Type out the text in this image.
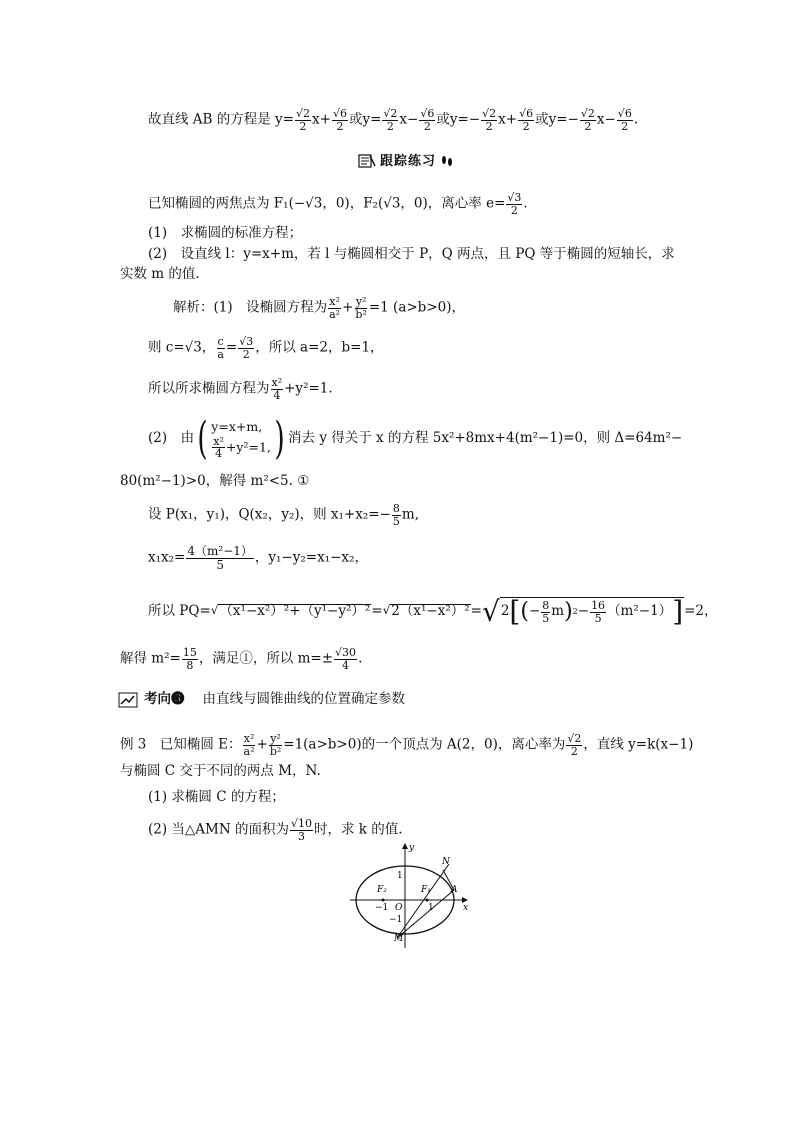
故直线 AB 的方程是 $y= \frac{√2}{2} x+ \frac{√6}{2}$ 或$y= \frac{√2}{2} x- \frac{√6}{2}$ 或$y=- \frac{√2}{2} x+ \frac{√6}{2}$ 或$y=- \frac{√2}{2} x- \frac{√6}{2}$ .
跟踪练习
已知椭圆的两焦点为 F₁(−√3，0)，F₂(√3，0)，离心率 $e= \frac{√3}{2}$ .
(1)　求椭圆的标准方程；
(2)　设直线 l：y=x+m，若 l 与椭圆相交于 P，Q 两点，且 PQ 等于椭圆的短轴长，求
实数 m 的值.
解析：(1)　设椭圆方程为 $\frac{\text{x²}}{\text{a²}} + \frac{\text{y²}}{\text{b²}} =1$ (a>b>0)，
则 c=√3， $\frac{c}{a} = \frac{√3}{2}$ ，所以 a=2，b=1，
所以所求椭圆方程为 $\frac{\text{x²}}{4} +y^2=1$.
(2)　由 ( y=x+m,
$\frac{\text{x²}}{4} +y^2=1$, ) 消去 y 得关于 x 的方程 5x²+8mx+4(m²−1)=0，则 Δ=64m²−
80(m²−1)>0，解得 m²<5. ①
设 P(x₁，y₁)，Q(x₂，y₂)，则 $x_1+x_2=- \frac{8}{5} m$,
$x_1x_2= \frac{\text{4（m²−1）}}{5}$ ，y₁−y₂=x₁−x₂，
所以 PQ= √ （x¹−x²）²+（y¹−y²）² = √ 2（x¹−x²）² = √ 2 [ ( − $\frac{8}{5}$ m ) $2 - \frac{16}{5} (m^2-1)$ ] =2，
解得 $m^2= \frac{15}{8}$ ，满足①，所以 $m=\pm \frac{√30}{4}$ .
考向❸ 由直线与圆锥曲线的位置确定参数
例 3　已知椭圆 E： $\frac{\text{x²}}{\text{a²}} + \frac{\text{y²}}{\text{b²}} =1(a>b>0)$的一个顶点为 A(2，0)，离心率为 $\frac{√2}{2}$ ，直线 y=k(x−1)
与椭圆 C 交于不同的两点 M，N.
(1) 求椭圆 C 的方程；
(2) 当△AMN 的面积为 $\frac{√10}{3}$ 时，求 k 的值.
y
x
O
1
−1	1
−1
F₁
F₂	A
N
M
